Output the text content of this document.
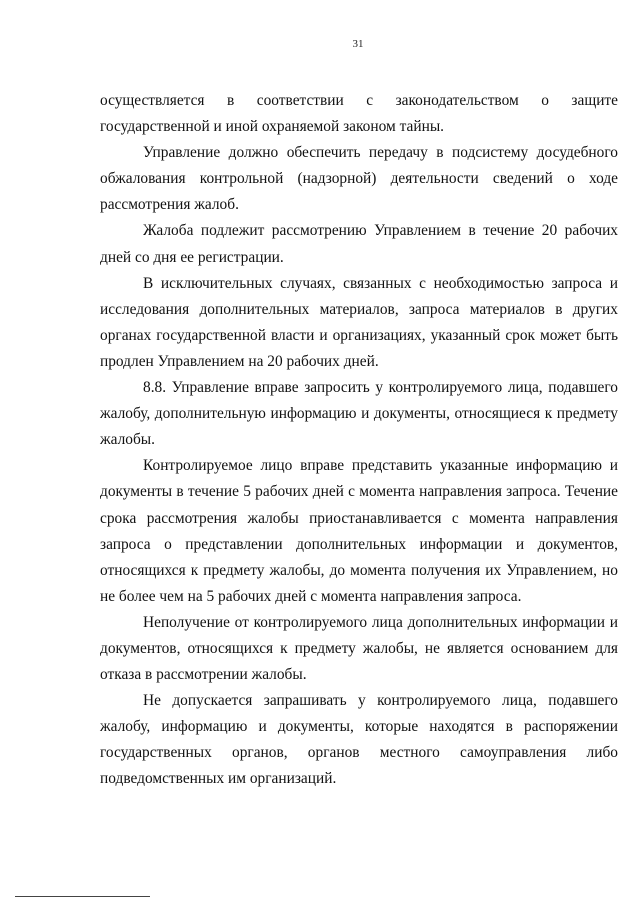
31

осуществляется в соответствии с законодательством о защите государственной и иной охраняемой законом тайны.

Управление должно обеспечить передачу в подсистему досудебного обжалования контрольной (надзорной) деятельности сведений о ходе рассмотрения жалоб.

Жалоба подлежит рассмотрению Управлением в течение 20 рабочих дней со дня ее регистрации.

В исключительных случаях, связанных с необходимостью запроса и исследования дополнительных материалов, запроса материалов в других органах государственной власти и организациях, указанный срок может быть продлен Управлением на 20 рабочих дней.

8.8. Управление вправе запросить у контролируемого лица, подавшего жалобу, дополнительную информацию и документы, относящиеся к предмету жалобы.

Контролируемое лицо вправе представить указанные информацию и документы в течение 5 рабочих дней с момента направления запроса. Течение срока рассмотрения жалобы приостанавливается с момента направления запроса о представлении дополнительных информации и документов, относящихся к предмету жалобы, до момента получения их Управлением, но не более чем на 5 рабочих дней с момента направления запроса.

Неполучение от контролируемого лица дополнительных информации и документов, относящихся к предмету жалобы, не является основанием для отказа в рассмотрении жалобы.

Не допускается запрашивать у контролируемого лица, подавшего жалобу, информацию и документы, которые находятся в распоряжении государственных органов, органов местного самоуправления либо подведомственных им организаций.
